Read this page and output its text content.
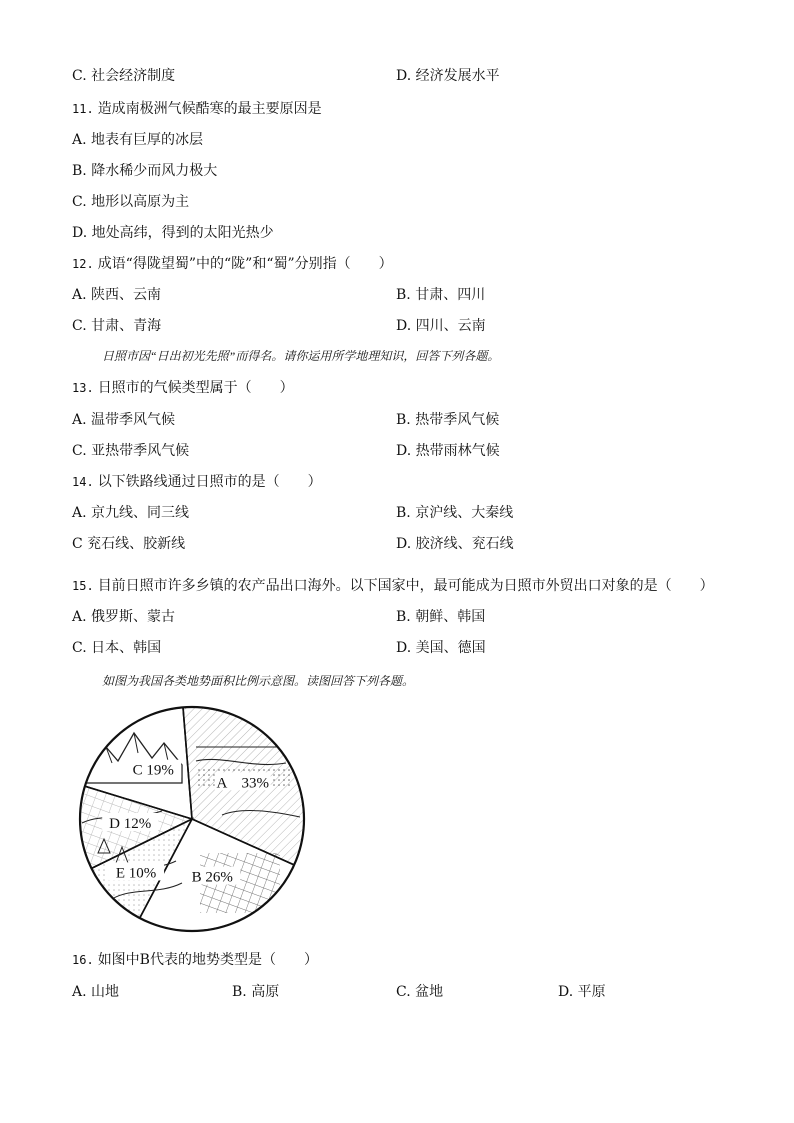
C. 社会经济制度	D. 经济发展水平
11. 造成南极洲气候酷寒的最主要原因是
A. 地表有巨厚的冰层
B. 降水稀少而风力极大
C. 地形以高原为主
D. 地处高纬，得到的太阳光热少
12. 成语“得陇望蜀”中的“陇”和“蜀”分别指（　　）
A. 陕西、云南	B. 甘肃、四川
C. 甘肃、青海	D. 四川、云南
日照市因“日出初光先照”而得名。请你运用所学地理知识，回答下列各题。
13. 日照市的气候类型属于（　　）
A. 温带季风气候	B. 热带季风气候
C. 亚热带季风气候	D. 热带雨林气候
14. 以下铁路线通过日照市的是（　　）
A. 京九线、同三线	B. 京沪线、大秦线
C 兖石线、胶新线	D. 胶济线、兖石线
15. 目前日照市许多乡镇的农产品出口海外。以下国家中，最可能成为日照市外贸出口对象的是（　　）
A. 俄罗斯、蒙古	B. 朝鲜、韩国
C. 日本、韩国	D. 美国、德国
如图为我国各类地势面积比例示意图。读图回答下列各题。
A　33%
B 26%
E 10%
D 12%
C 19%
16. 如图中B代表的地势类型是（　　）
A. 山地	B. 高原	C. 盆地	D. 平原
